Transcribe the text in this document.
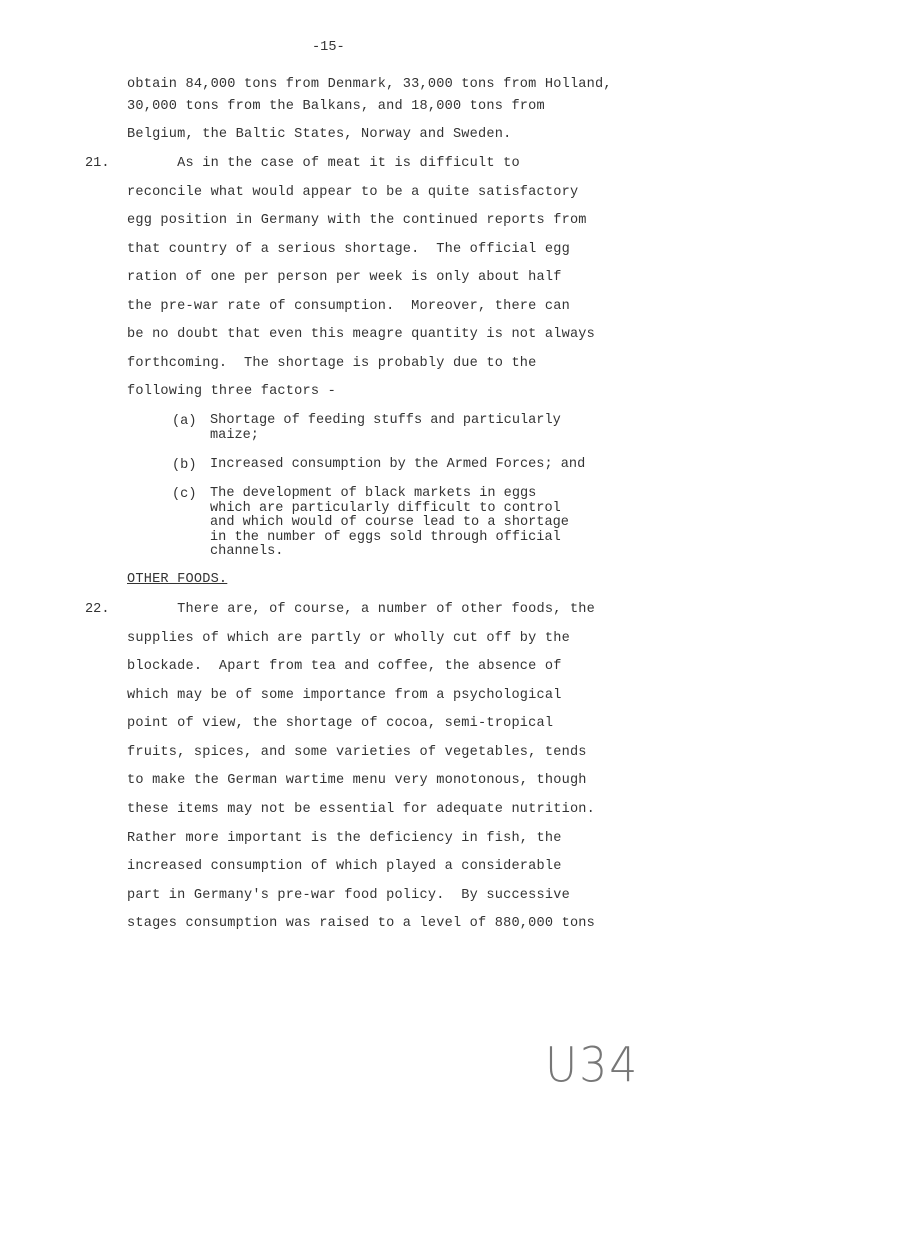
-15-
obtain 84,000 tons from Denmark, 33,000 tons from Holland,
30,000 tons from the Balkans, and 18,000 tons from
Belgium, the Baltic States, Norway and Sweden.
21. As in the case of meat it is difficult to
reconcile what would appear to be a quite satisfactory
egg position in Germany with the continued reports from
that country of a serious shortage.  The official egg
ration of one per person per week is only about half
the pre-war rate of consumption.  Moreover, there can
be no doubt that even this meagre quantity is not always
forthcoming.  The shortage is probably due to the
following three factors -
(a) Shortage of feeding stuffs and particularly
maize;
(b) Increased consumption by the Armed Forces; and
(c) The development of black markets in eggs
which are particularly difficult to control
and which would of course lead to a shortage
in the number of eggs sold through official
channels.
OTHER FOODS.
22. There are, of course, a number of other foods, the
supplies of which are partly or wholly cut off by the
blockade.  Apart from tea and coffee, the absence of
which may be of some importance from a psychological
point of view, the shortage of cocoa, semi-tropical
fruits, spices, and some varieties of vegetables, tends
to make the German wartime menu very monotonous, though
these items may not be essential for adequate nutrition.
Rather more important is the deficiency in fish, the
increased consumption of which played a considerable
part in Germany's pre-war food policy.  By successive
stages consumption was raised to a level of 880,000 tons
U34
